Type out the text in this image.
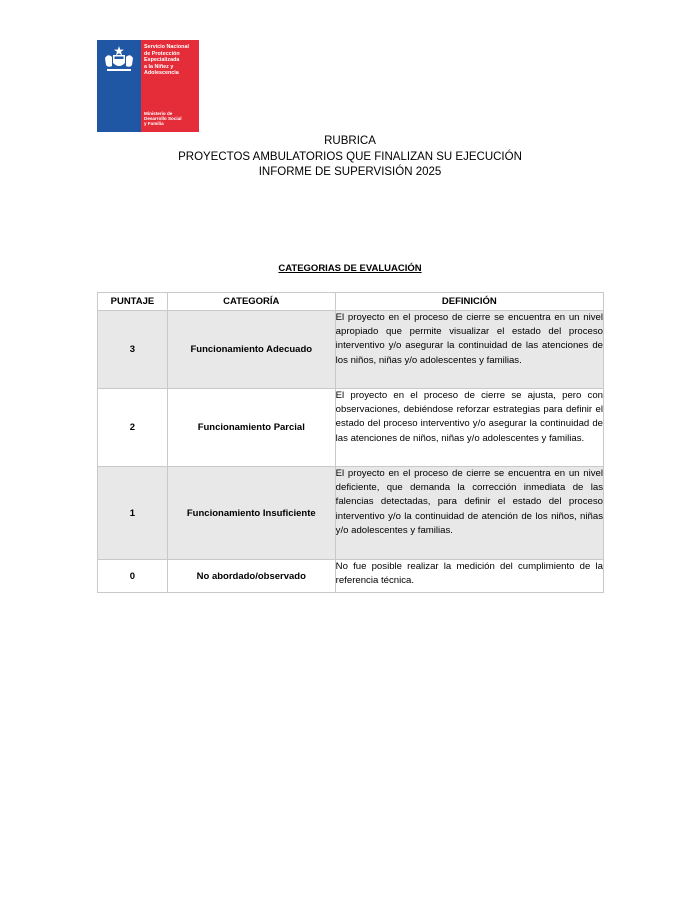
Servicio Nacional
de Protección
Especializada
a la Niñez y
Adolescencia
Ministerio de
Desarrollo Social
y Familia
RUBRICA
PROYECTOS AMBULATORIOS QUE FINALIZAN SU EJECUCIÓN
INFORME DE SUPERVISIÓN 2025
CATEGORIAS DE EVALUACIÓN
PUNTAJE	CATEGORÍA	DEFINICIÓN
3	Funcionamiento Adecuado	El proyecto en el proceso de cierre se encuentra en un nivel apropiado que permite visualizar el estado del proceso interventivo y/o asegurar la continuidad de las atenciones de los niños, niñas y/o adolescentes y familias.
2	Funcionamiento Parcial	El proyecto en el proceso de cierre se ajusta, pero con observaciones, debiéndose reforzar estrategias para definir el estado del proceso interventivo y/o asegurar la continuidad de las atenciones de niños, niñas y/o adolescentes y familias.
1	Funcionamiento Insuficiente	El proyecto en el proceso de cierre se encuentra en un nivel deficiente, que demanda la corrección inmediata de las falencias detectadas, para definir el estado del proceso interventivo y/o la continuidad de atención de los niños, niñas y/o adolescentes y familias.
0	No abordado/observado	No fue posible realizar la medición del cumplimiento de la referencia técnica.
